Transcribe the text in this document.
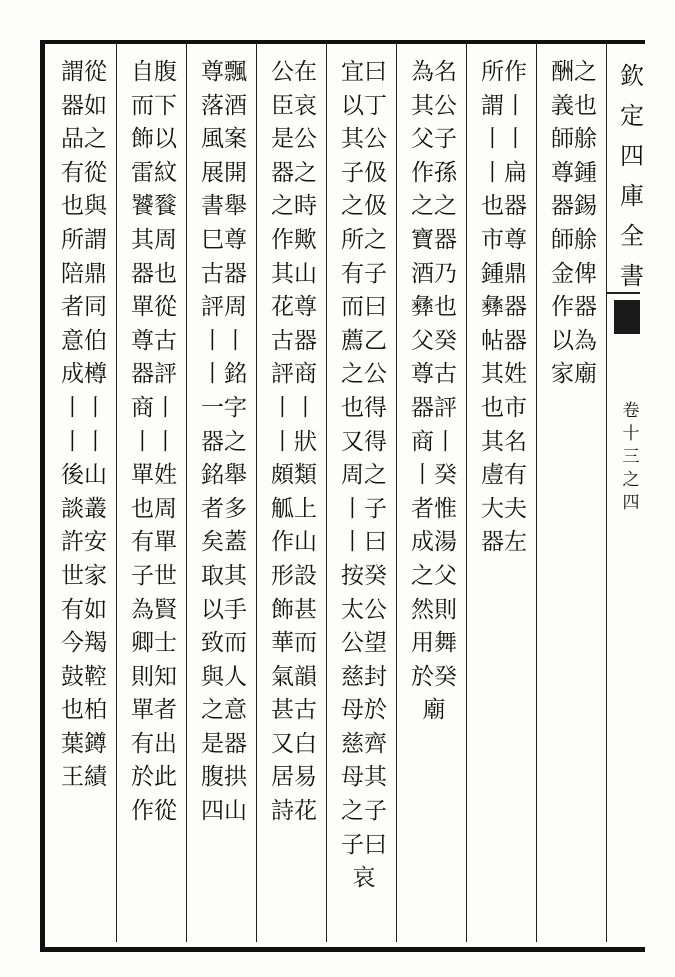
欽定四庫全書
卷十三之四
酬之義也師艅尊鍾器錫師艅金俾作器以為家廟
所作謂丨丨丨丨扁也器市尊鍾鼎彝器帖器其姓也市其名䖒有大夫器左
為名其公父子作孫之之寶器酒乃彝也父癸尊古器評商丨丨癸者惟成湯之父然則用舞於癸廟
宜曰以丁其公子伋之伋所之有子而曰薦乙之公也得又得周之丨子丨曰按癸太公公望慈封母於慈齊母其之子子曰哀
公在臣哀是公器之之時作歟其山花尊古器評商丨丨丨狀頗類觚上作山形設飾甚華而氣韻甚古又白居易詩花
尊飄落酒風案展開書舉巳尊古器評周丨丨丨銘一字器之銘舉者多矣蓋取其以手致而與人之意是器腹拱四山
自腹而下飾以雷紋饕餮其周器也單從尊古器評商丨丨丨單姓也周有單子世為賢卿士則知單者有出於此作從
謂從器如品之有從也與所謂陪鼎者同意伯成樽丨丨丨丨後山談叢許安世家有如今羯鼓鞚也柏葉鐏王績
